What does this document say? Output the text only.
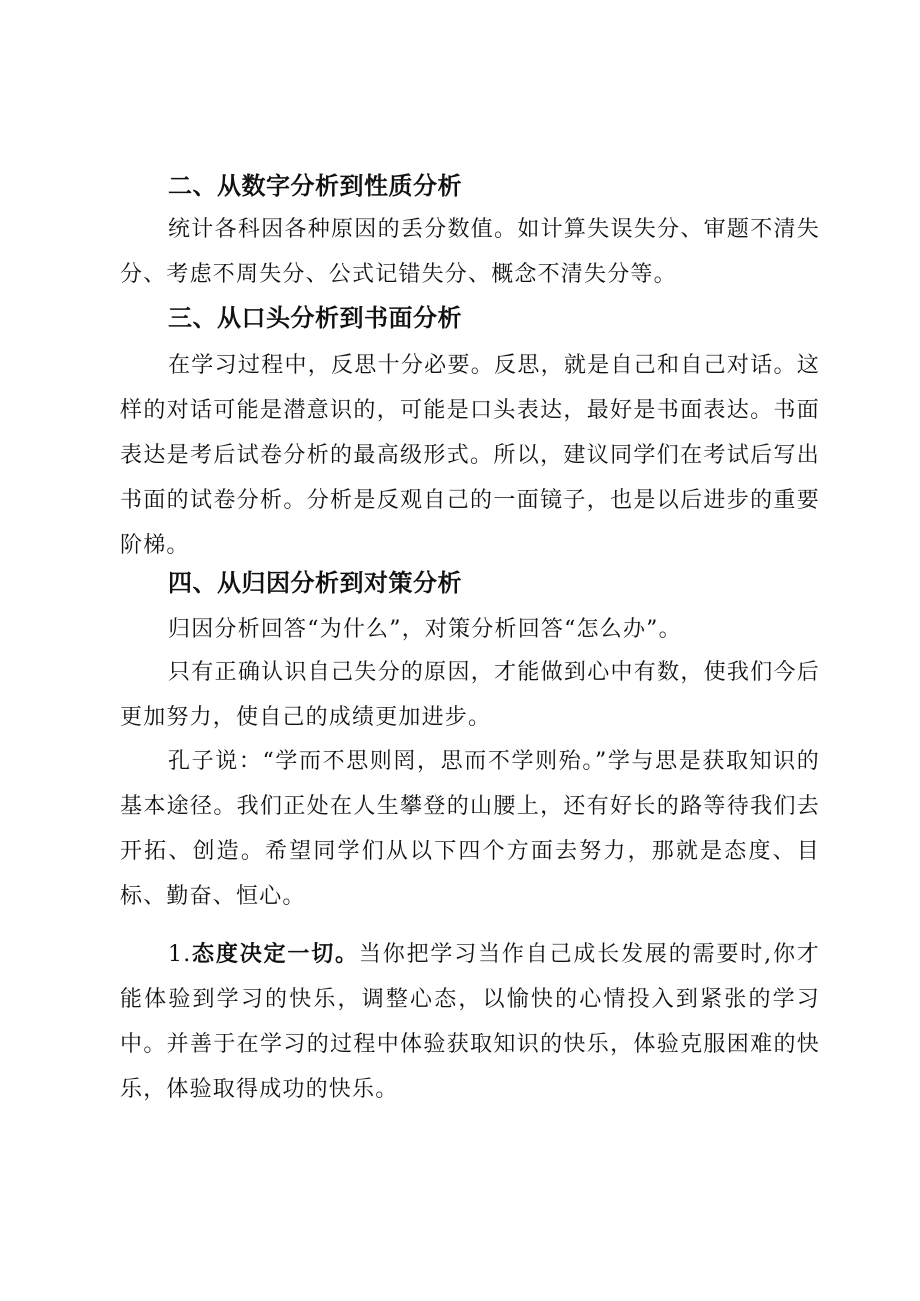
二、从数字分析到性质分析

统计各科因各种原因的丢分数值。如计算失误失分、审题不清失分、考虑不周失分、公式记错失分、概念不清失分等。

三、从口头分析到书面分析

在学习过程中，反思十分必要。反思，就是自己和自己对话。这样的对话可能是潜意识的，可能是口头表达，最好是书面表达。书面表达是考后试卷分析的最高级形式。所以，建议同学们在考试后写出书面的试卷分析。分析是反观自己的一面镜子，也是以后进步的重要阶梯。

四、从归因分析到对策分析

归因分析回答“为什么”，对策分析回答“怎么办”。

只有正确认识自己失分的原因，才能做到心中有数，使我们今后更加努力，使自己的成绩更加进步。

孔子说：“学而不思则罔，思而不学则殆。”学与思是获取知识的基本途径。我们正处在人生攀登的山腰上，还有好长的路等待我们去开拓、创造。希望同学们从以下四个方面去努力，那就是态度、目标、勤奋、恒心。

1.态度决定一切。当你把学习当作自己成长发展的需要时,你才能体验到学习的快乐，调整心态，以愉快的心情投入到紧张的学习中。并善于在学习的过程中体验获取知识的快乐，体验克服困难的快乐，体验取得成功的快乐。
